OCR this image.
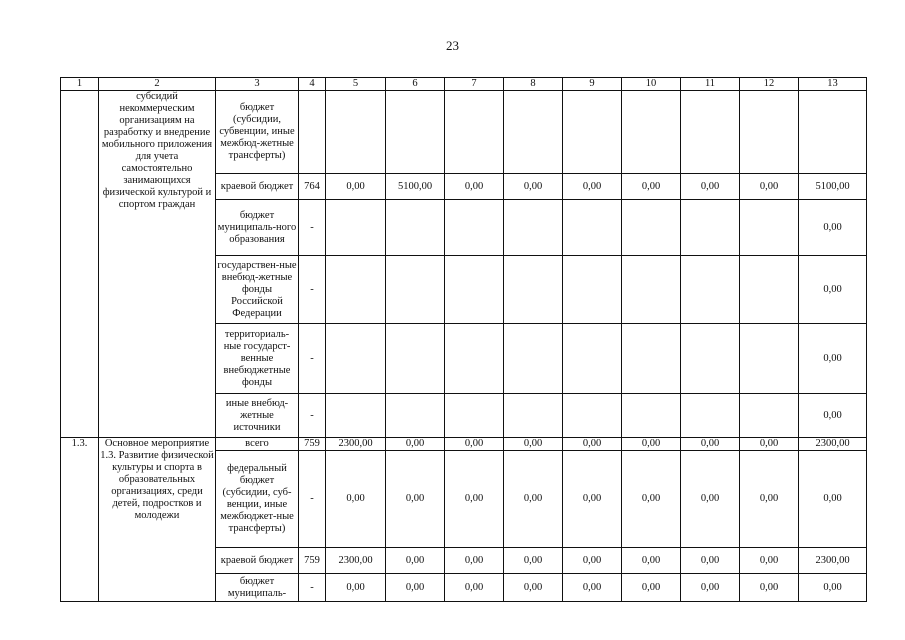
23
1	2	3	4	5	6	7	8	9	10	11	12	13
	субсидий некоммерческим организациям на разработку и внедрение мобильного приложения для учета самостоятельно занимающихся физической культурой и спортом граждан	бюджет (субсидии, субвенции, иные межбюд-жетные трансферты)										
		краевой бюджет	764	0,00	5100,00	0,00	0,00	0,00	0,00	0,00	0,00	5100,00
		бюджет муниципаль-ного образования	-									0,00
		государствен-ные внебюд-жетные фонды Российской Федерации	-									0,00
		территориаль-ные государст-венные внебюджетные фонды	-									0,00
		иные внебюд-жетные источники	-									0,00
1.3.	Основное мероприятие 1.3. Развитие физической культуры и спорта в образовательных организациях, среди детей, подростков и молодежи	всего	759	2300,00	0,00	0,00	0,00	0,00	0,00	0,00	0,00	2300,00
		федеральный бюджет (субсидии, суб-венции, иные межбюджет-ные трансферты)	-	0,00	0,00	0,00	0,00	0,00	0,00	0,00	0,00	0,00
		краевой бюджет	759	2300,00	0,00	0,00	0,00	0,00	0,00	0,00	0,00	2300,00
		бюджет муниципаль-	-	0,00	0,00	0,00	0,00	0,00	0,00	0,00	0,00	0,00
